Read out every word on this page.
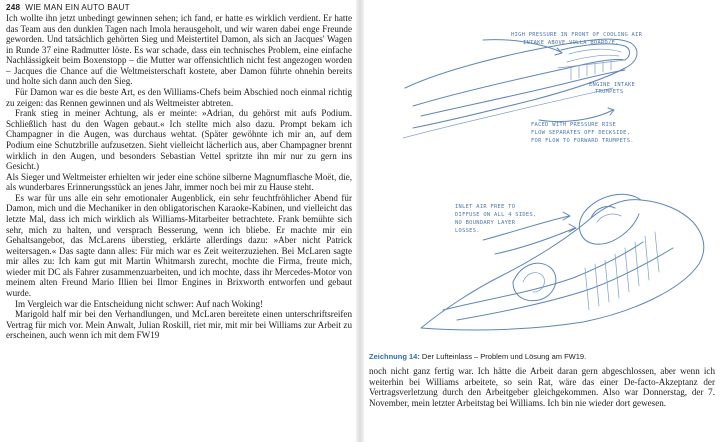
248 WIE MAN EIN AUTO BAUT

Ich wollte ihn jetzt unbedingt gewinnen sehen; ich fand, er hatte es wirklich verdient. Er hatte das Team aus den dunklen Tagen nach Imola herausgeholt, und wir waren dabei enge Freunde geworden. Und tatsächlich gehörten Sieg und Meistertitel Damon, als sich an Jacques' Wagen in Runde 37 eine Radmutter löste. Es war schade, dass ein technisches Problem, eine einfache Nachlässigkeit beim Boxenstopp – die Mutter war offensichtlich nicht fest angezogen worden – Jacques die Chance auf die Weltmeisterschaft kostete, aber Damon führte ohnehin bereits und holte sich dann auch den Sieg.

Für Damon war es die beste Art, es den Williams-Chefs beim Abschied noch einmal richtig zu zeigen: das Rennen gewinnen und als Weltmeister abtreten.

Frank stieg in meiner Achtung, als er meinte: »Adrian, du gehörst mit aufs Podium. Schließlich hast du den Wagen gebaut.« Ich stellte mich also dazu. Prompt bekam ich Champagner in die Augen, was durchaus wehtat. (Später gewöhnte ich mir an, auf dem Podium eine Schutzbrille aufzusetzen. Sieht vielleicht lächerlich aus, aber Champagner brennt wirklich in den Augen, und besonders Sebastian Vettel spritzte ihn mir nur zu gern ins Gesicht.)

Als Sieger und Weltmeister erhielten wir jeder eine schöne silberne Magnumflasche Moët, die, als wunderbares Erinnerungsstück an jenes Jahr, immer noch bei mir zu Hause steht.

Es war für uns alle ein sehr emotionaler Augenblick, ein sehr feuchtfröhlicher Abend für Damon, mich und die Mechaniker in den obligatorischen Karaoke-Kabinen, und vielleicht das letzte Mal, dass ich mich wirklich als Williams-Mitarbeiter betrachtete. Frank bemühte sich sehr, mich zu halten, und versprach Besserung, wenn ich bliebe. Er machte mir ein Gehaltsangebot, das McLarens überstieg, erklärte allerdings dazu: »Aber nicht Patrick weitersagen.« Das sagte dann alles: Für mich war es Zeit weiterzuziehen. Bei McLaren sagte mir alles zu: Ich kam gut mit Martin Whitmarsh zurecht, mochte die Firma, freute mich, wieder mit DC als Fahrer zusammenzuarbeiten, und ich mochte, dass ihr Mercedes-Motor von meinem alten Freund Mario Illien bei Ilmor Engines in Brixworth entworfen und gebaut wurde.

Im Vergleich war die Entscheidung nicht schwer: Auf nach Woking!

Marigold half mir bei den Verhandlungen, und McLaren bereitete einen unterschriftsreifen Vertrag für mich vor. Mein Anwalt, Julian Roskill, riet mir, mit mir bei Williams zur Arbeit zu erscheinen, auch wenn ich mit dem FW19

HIGH PRESSURE IN FRONT OF COOLING AIR
INTAKE ABOVE VOLLA BOARD/E.
ENGINE INTAKE
TRUMPETS
FACED WITH PRESSURE RISE
FLOW SEPARATES OFF DECKSIDE,
FOR FLOW TO FORWARD TRUMPETS.
INLET AIR FREE TO
DIFFUSE ON ALL 4 SIDES,
NO BOUNDARY LAYER
LOSSES.
Zeichnung 14: Der Lufteinlass – Problem und Lösung am FW19.

noch nicht ganz fertig war. Ich hätte die Arbeit daran gern abgeschlossen, aber wenn ich weiterhin bei Williams arbeitete, so sein Rat, wäre das einer De-facto-Akzeptanz der Vertragsverletzung durch den Arbeitgeber gleichgekommen. Also war Donnerstag, der 7. November, mein letzter Arbeitstag bei Williams. Ich bin nie wieder dort gewesen.
